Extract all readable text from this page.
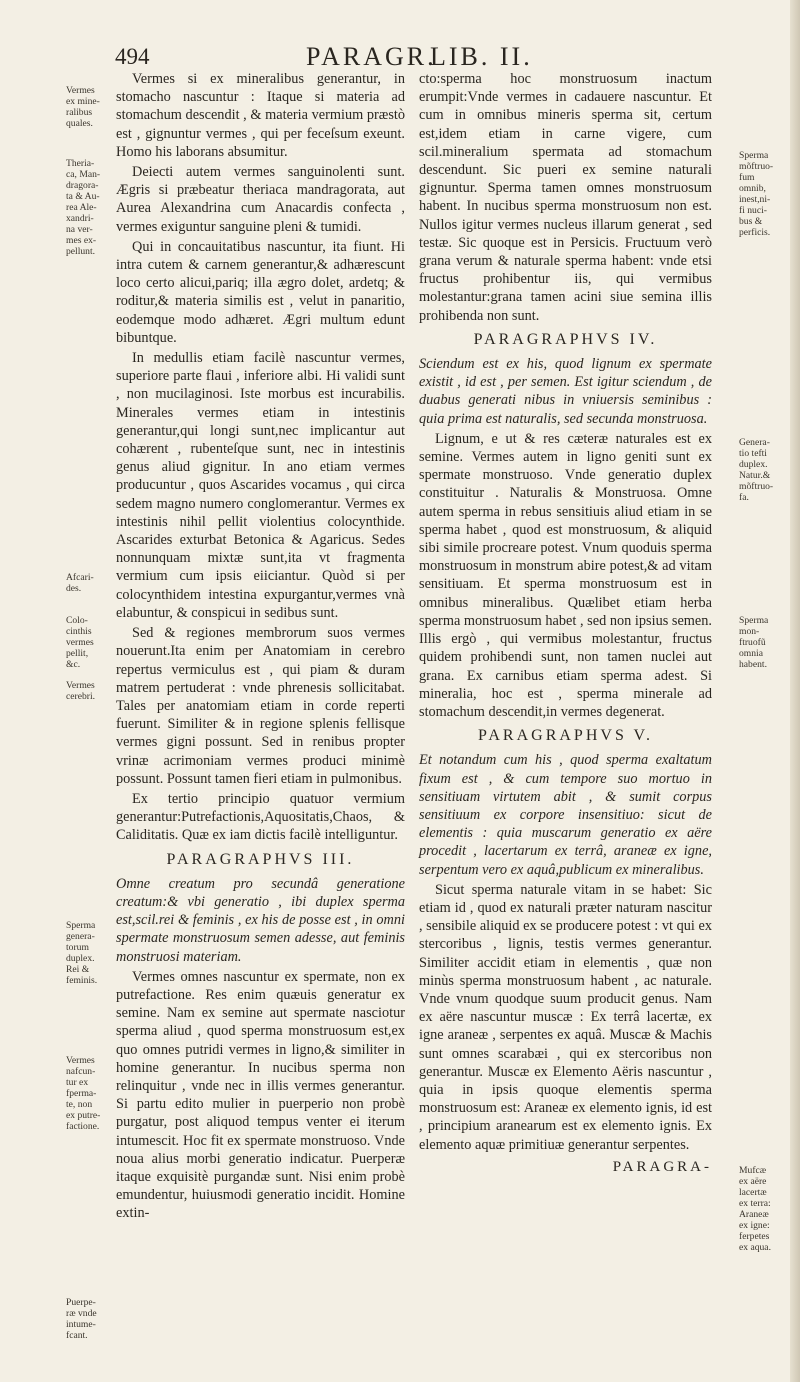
494	PARAGR.
LIB. II.
Vermes
ex mine-
ralibus
quales.
Theria-
ca, Man-
dragora-
ta & Au-
rea Ale-
xandri-
na ver-
mes ex-
pellunt.
Afcari-
des.
Colo-
cinthis
vermes
pellit,
&c.
Vermes
cerebri.
Sperma
genera-
torum
duplex.
Rei &
feminis.
Vermes
nafcun-
tur ex
fperma-
te, non
ex putre-
factione.
Puerpe-
ræ vnde
intume-
fcant.
Sperma
mõftruo-
fum
omnib,
inest,ni-
fi nuci-
bus &
perficis.
Genera-
tio tefti
duplex.
Natur.&
mõftruo-
fa.
Sperma
mon-
ftruofũ
omnia
habent.
Mufcæ
ex aëre
lacertæ
ex terra:
Araneæ
ex igne:
ferpetes
ex aqua.

Vermes si ex mineralibus generantur, in stomacho nascuntur : Itaque si materia ad stomachum descendit , & materia vermium præstò est , gignuntur vermes , qui per feceſsum exeunt. Homo his laborans absumitur.

Deiecti autem vermes sanguinolenti sunt. Ægris si præbeatur theriaca mandragorata, aut Aurea Alexandrina cum Anacardis confecta , vermes exiguntur sanguine pleni & tumidi.

Qui in concauitatibus nascuntur, ita fiunt. Hi intra cutem & carnem generantur,& adhærescunt loco certo alicui,pariq; illa ægro dolet, ardetq; & roditur,& materia similis est , velut in panaritio, eodemque modo adhæret. Ægri multum edunt bibuntque.

In medullis etiam facilè nascuntur vermes, superiore parte flaui , inferiore albi. Hi validi sunt , non mucilaginosi. Iste morbus est incurabilis. Minerales vermes etiam in intestinis generantur,qui longi sunt,nec implicantur aut cohærent , rubenteſque sunt, nec in intestinis genus aliud gignitur. In ano etiam vermes producuntur , quos Ascarides vocamus , qui circa sedem magno numero conglomerantur. Vermes ex intestinis nihil pellit violentius colocynthide. Ascarides exturbat Betonica & Agaricus. Sedes nonnunquam mixtæ sunt,ita vt fragmenta vermium cum ipsis eiiciantur. Quòd si per colocynthidem intestina expurgantur,vermes vnà elabuntur, & conspicui in sedibus sunt.

Sed & regiones membrorum suos vermes nouerunt.Ita enim per Anatomiam in cerebro repertus vermiculus est , qui piam & duram matrem pertuderat : vnde phrenesis sollicitabat. Tales per anatomiam etiam in corde reperti fuerunt. Similiter & in regione splenis fellisque vermes gigni possunt. Sed in renibus propter vrinæ acrimoniam vermes produci minimè possunt. Possunt tamen fieri etiam in pulmonibus.

Ex tertio principio quatuor vermium generantur:Putrefactionis,Aquositatis,Chaos, & Caliditatis. Quæ ex iam dictis facilè intelliguntur.

PARAGRAPHVS III.

Omne creatum pro secundâ generatione creatum:& vbi generatio , ibi duplex sperma est,scil.rei & feminis , ex his de posse est , in omni spermate monstruosum semen adesse, aut feminis monstruosi materiam.

Vermes omnes nascuntur ex spermate, non ex putrefactione. Res enim quæuis generatur ex semine. Nam ex semine aut spermate nasciotur sperma aliud , quod sperma monstruosum est,ex quo omnes putridi vermes in ligno,& similiter in homine generantur. In nucibus sperma non relinquitur , vnde nec in illis vermes generantur. Si partu edito mulier in puerperio non probè purgatur, post aliquod tempus venter ei iterum intumescit. Hoc fit ex spermate monstruoso. Vnde noua alius morbi generatio indicatur. Puerperæ itaque exquisitè purgandæ sunt. Nisi enim probè emundentur, huiusmodi generatio incidit. Homine extin-

cto:sperma hoc monstruosum inactum erumpit:Vnde vermes in cadauere nascuntur. Et cum in omnibus mineris sperma sit, certum est,idem etiam in carne vigere, cum scil.mineralium spermata ad stomachum descendunt. Sic pueri ex semine naturali gignuntur. Sperma tamen omnes monstruosum habent. In nucibus sperma monstruosum non est. Nullos igitur vermes nucleus illarum generat , sed testæ. Sic quoque est in Persicis. Fructuum verò grana verum & naturale sperma habent: vnde etsi fructus prohibentur iis, qui vermibus molestantur:grana tamen acini siue semina illis prohibenda non sunt.

PARAGRAPHVS IV.

Sciendum est ex his, quod lignum ex spermate existit , id est , per semen. Est igitur sciendum , de duabus generati nibus in vniuersis seminibus : quia prima est naturalis, sed secunda monstruosa.

Lignum, e ut & res cæteræ naturales est ex semine. Vermes autem in ligno geniti sunt ex spermate monstruoso. Vnde generatio duplex constituitur . Naturalis & Monstruosa. Omne autem sperma in rebus sensitiuis aliud etiam in se sperma habet , quod est monstruosum, & aliquid sibi simile procreare potest. Vnum quoduis sperma monstruosum in monstrum abire potest,& ad vitam sensitiuam. Et sperma monstruosum est in omnibus mineralibus. Quælibet etiam herba sperma monstruosum habet , sed non ipsius semen. Illis ergò , qui vermibus molestantur, fructus quidem prohibendi sunt, non tamen nuclei aut grana. Ex carnibus etiam sperma adest. Si mineralia, hoc est , sperma minerale ad stomachum descendit,in vermes degenerat.

PARAGRAPHVS V.

Et notandum cum his , quod sperma exaltatum fixum est , & cum tempore suo mortuo in sensitiuam virtutem abit , & sumit corpus sensitiuum ex corpore insensitiuo: sicut de elementis : quia muscarum generatio ex aëre procedit , lacertarum ex terrâ, araneæ ex igne, serpentum vero ex aquâ,publicum ex mineralibus.

Sicut sperma naturale vitam in se habet: Sic etiam id , quod ex naturali præter naturam nascitur , sensibile aliquid ex se producere potest : vt qui ex stercoribus , lignis, testis vermes generantur. Similiter accidit etiam in elementis , quæ non minùs sperma monstruosum habent , ac naturale. Vnde vnum quodque suum producit genus. Nam ex aëre nascuntur muscæ : Ex terrâ lacertæ, ex igne araneæ , serpentes ex aquâ. Muscæ & Machis sunt omnes scarabæi , qui ex stercoribus non generantur. Muscæ ex Elemento Aëris nascuntur , quia in ipsis quoque elementis sperma monstruosum est: Araneæ ex elemento ignis, id est , principium aranearum est ex elemento ignis. Ex elemento aquæ primitiuæ generantur serpentes.

PARAGRA-
